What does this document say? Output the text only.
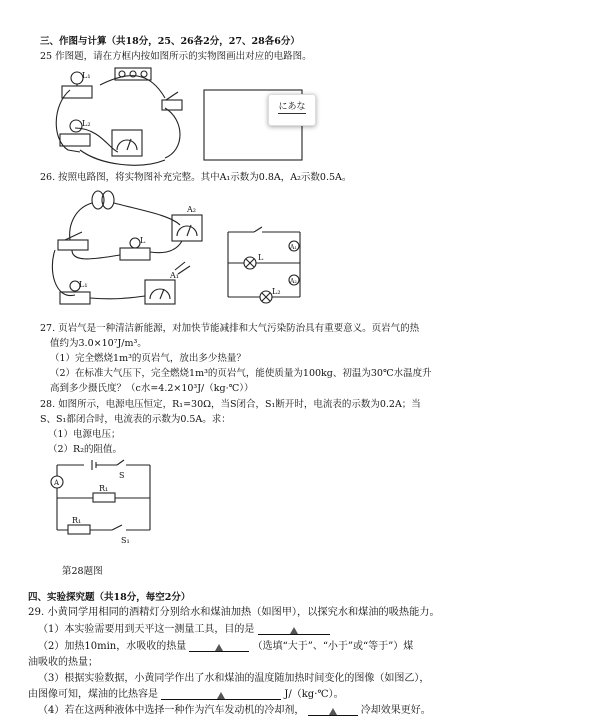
三、作图与计算（共18分，25、26各2分，27、28各6分）
25 作图题，请在方框内按如图所示的实物图画出对应的电路图。
L₁
L₂
A₂
L
A₁
L₁
L
L₂
A₁
A₂
A
S
R₁
R₁
S₁
にあな
26. 按照电路图，将实物图补充完整。其中A₁示数为0.8A，A₂示数0.5A。
27. 页岩气是一种清洁新能源，对加快节能减排和大气污染防治具有重要意义。页岩气的热
值约为3.0×10⁷J/m³。
（1）完全燃烧1m³的页岩气，放出多少热量？
（2）在标准大气压下，完全燃烧1m³的页岩气，能使质量为100kg、初温为30℃水温度升
高到多少摄氏度？（c水=4.2×10³J/（kg·℃））
28. 如图所示，电源电压恒定，R₁=30Ω，当S闭合，S₁断开时，电流表的示数为0.2A；当
S、S₁都闭合时，电流表的示数为0.5A。求：
（1）电源电压；
（2）R₂的阻值。
第28题图
四、实验探究题（共18分，每空2分）
29. 小黄同学用相同的酒精灯分别给水和煤油加热（如图甲），以探究水和煤油的吸热能力。
（1）本实验需要用到天平这一测量工具，目的是
（2）加热10min，水吸收的热量	（选填“大于”、“小于”或“等于”）煤
油吸收的热量；
（3）根据实验数据，小黄同学作出了水和煤油的温度随加热时间变化的图像（如图乙），
由图像可知，煤油的比热容是	J/（kg·℃）。
（4）若在这两种液体中选择一种作为汽车发动机的冷却剂，	冷却效果更好。
